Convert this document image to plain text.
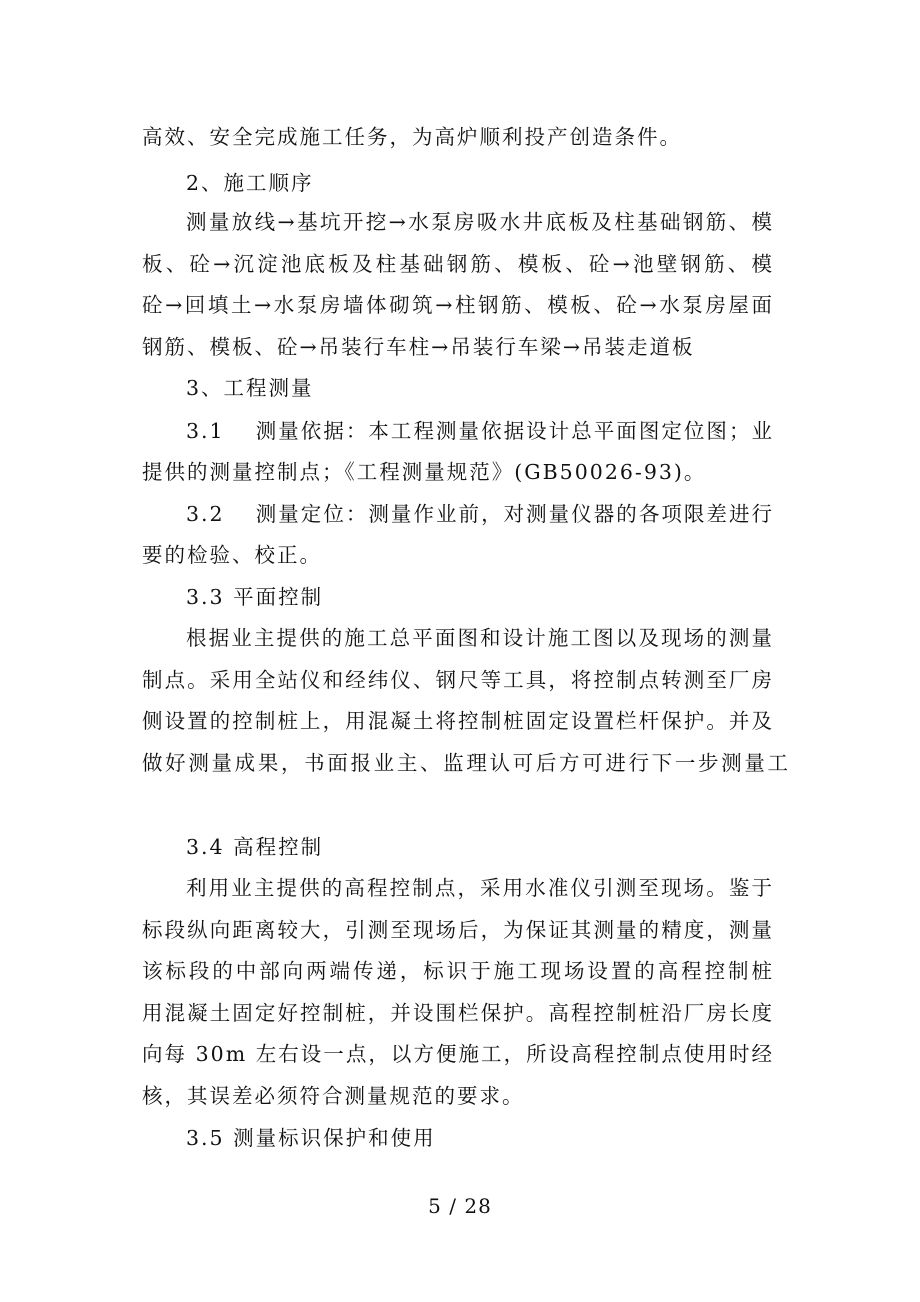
高效、安全完成施工任务，为高炉顺利投产创造条件。
2、施工顺序
测量放线→基坑开挖→水泵房吸水井底板及柱基础钢筋、模
板、砼→沉淀池底板及柱基础钢筋、模板、砼→池壁钢筋、模
砼→回填土→水泵房墙体砌筑→柱钢筋、模板、砼→水泵房屋面
钢筋、模板、砼→吊装行车柱→吊装行车梁→吊装走道板
3、工程测量
3.1　 测量依据：本工程测量依据设计总平面图定位图；业
提供的测量控制点；《工程测量规范》(GB50026-93)。
3.2　 测量定位：测量作业前，对测量仪器的各项限差进行
要的检验、校正。
3.3 平面控制
根据业主提供的施工总平面图和设计施工图以及现场的测量
制点。采用全站仪和经纬仪、钢尺等工具，将控制点转测至厂房
侧设置的控制桩上，用混凝土将控制桩固定设置栏杆保护。并及
做好测量成果，书面报业主、监理认可后方可进行下一步测量工
3.4 高程控制
利用业主提供的高程控制点，采用水准仪引测至现场。鉴于
标段纵向距离较大，引测至现场后，为保证其测量的精度，测量
该标段的中部向两端传递，标识于施工现场设置的高程控制桩
用混凝土固定好控制桩，并设围栏保护。高程控制桩沿厂房长度
向每 30m 左右设一点，以方便施工，所设高程控制点使用时经
核，其误差必须符合测量规范的要求。
3.5 测量标识保护和使用
5 / 28
